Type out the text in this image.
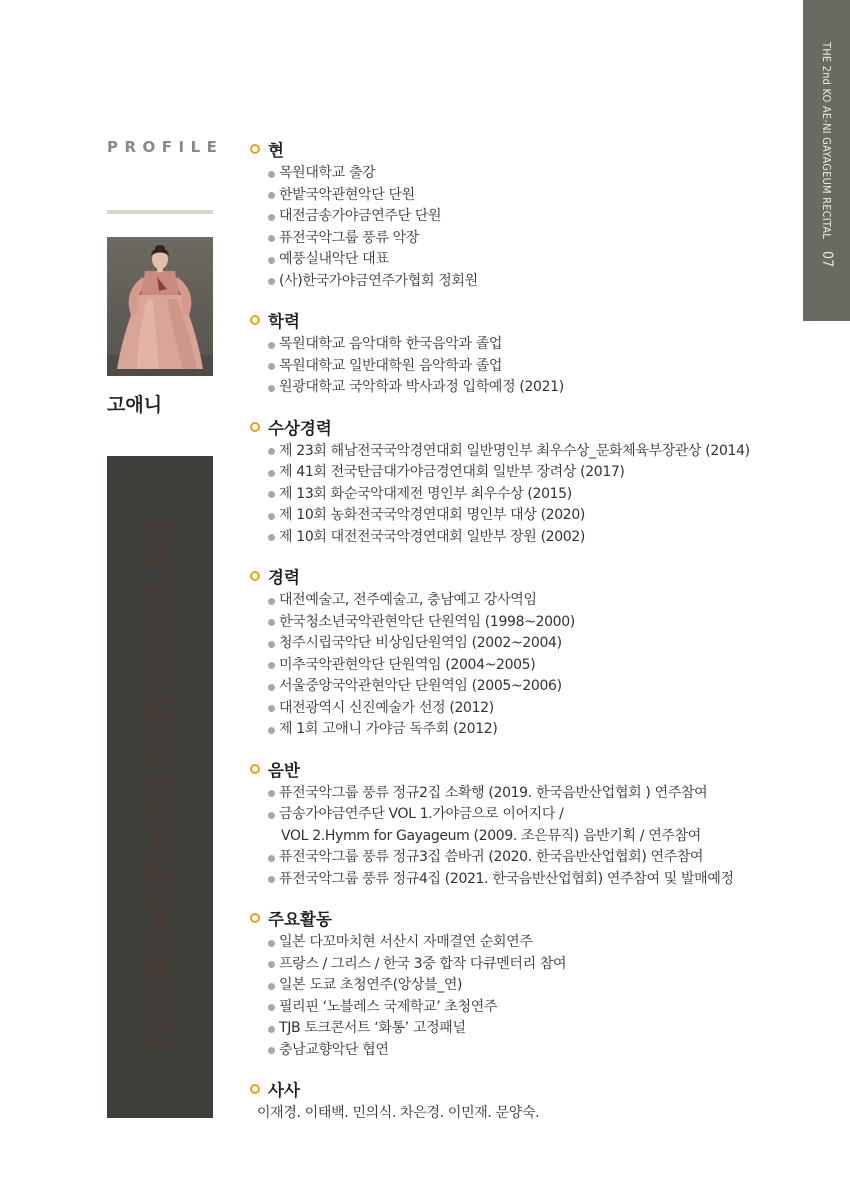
THE 2nd KO AE-NI GAYAGEUM RECITAL07
PROFILE
고애니
THE 2nd KO AE-NI GAYAGEUM RECITAL
현
목원대학교 출강
한밭국악관현악단 단원
대전금송가야금연주단 단원
퓨전국악그룹 풍류 악장
예풍실내악단 대표
(사)한국가야금연주가협회 정회원
학력
목원대학교 음악대학 한국음악과 졸업
목원대학교 일반대학원 음악학과 졸업
원광대학교 국악학과 박사과정 입학예정 (2021)
수상경력
제 23회 해남전국국악경연대회 일반명인부 최우수상_문화체육부장관상 (2014)
제 41회 전국탄금대가야금경연대회 일반부 장려상 (2017)
제 13회 화순국악대제전 명인부 최우수상 (2015)
제 10회 농화전국국악경연대회 명인부 대상 (2020)
제 10회 대전전국국악경연대회 일반부 장원 (2002)
경력
대전예술고, 전주예술고, 충남예고 강사역임
한국청소년국악관현악단 단원역임 (1998~2000)
청주시립국악단 비상임단원역임 (2002~2004)
미추국악관현악단 단원역임 (2004~2005)
서울중앙국악관현악단 단원역임 (2005~2006)
대전광역시 신진예술가 선정 (2012)
제 1회 고애니 가야금 독주회 (2012)
음반
퓨전국악그룹 풍류 정규2집 소확행 (2019. 한국음반산업협회 ) 연주참여
금송가야금연주단 VOL 1.가야금으로 이어지다 /
VOL 2.Hymm for Gayageum (2009. 조은뮤직) 음반기획 / 연주참여
퓨전국악그룹 풍류 정규3집 씀바귀 (2020. 한국음반산업협회) 연주참여
퓨전국악그룹 풍류 정규4집 (2021. 한국음반산업협회) 연주참여 및 발매예정
주요활동
일본 다꼬마치현 서산시 자매결연 순회연주
프랑스 / 그리스 / 한국 3중 합작 다큐멘터리 참여
일본 도쿄 초청연주(앙상블_연)
필리핀 ‘노블레스 국제학교’ 초청연주
TJB 토크콘서트 ‘화통’ 고정패널
충남교향악단 협연
사사
이재경. 이태백. 민의식. 차은경. 이민재. 문양숙.
